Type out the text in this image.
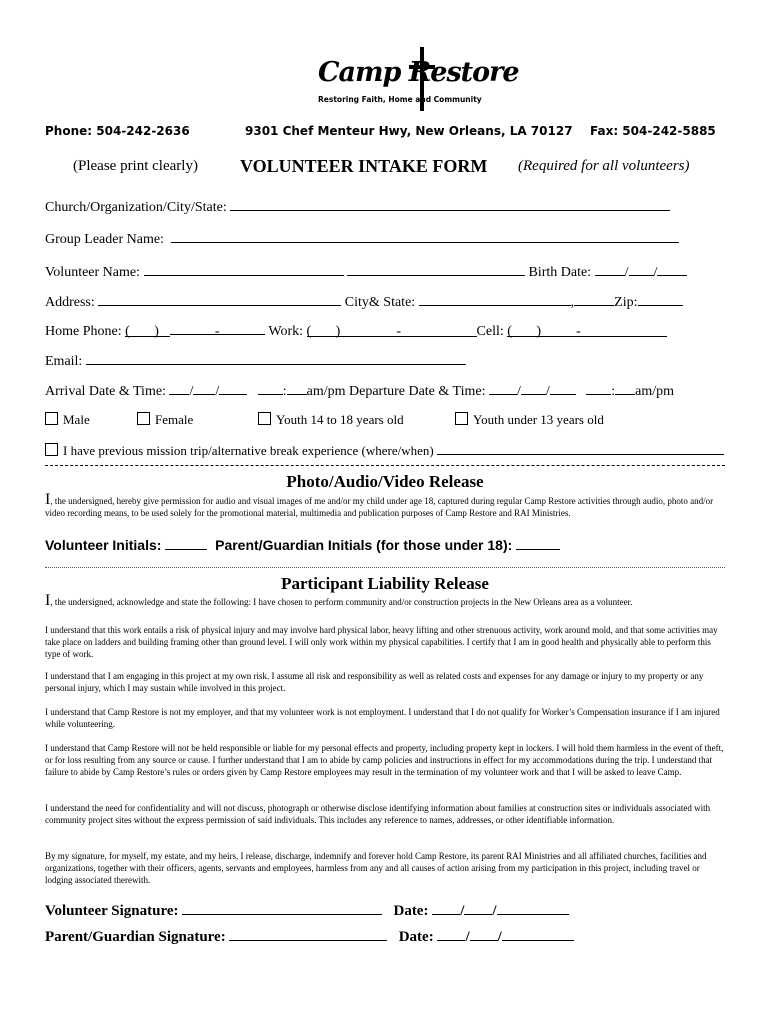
Camp Restore
Restoring Faith, Home and Community
Phone: 504-242-2636	9301 Chef Menteur Hwy, New Orleans, LA 70127 Fax: 504-242-5885
(Please print clearly) VOLUNTEER INTAKE FORM (Required for all volunteers)
Church/Organization/City/State:
Group Leader Name:
Volunteer Name:	Birth Date: / /
Address:	City& State:	,	Zip:
Home Phone: (       )                -	Work: (       )                -	Cell: (       )          -
Email:
Arrival Date & Time: / /	: am/pm Departure Date & Time: / /	: am/pm
Male	Female	Youth 14 to 18 years old	Youth under 13 years old
I have previous mission trip/alternative break experience (where/when)
Photo/Audio/Video Release
I, the undersigned, hereby give permission for audio and visual images of me and/or my child under age 18, captured during regular Camp Restore activities through audio, photo and/or video recording means, to be used solely for the promotional material, multimedia and publication purposes of Camp Restore and RAI Ministries.
Volunteer Initials:	Parent/Guardian Initials (for those under 18):
Participant Liability Release
I, the undersigned, acknowledge and state the following: I have chosen to perform community and/or construction projects in the New Orleans area as a volunteer.
I understand that this work entails a risk of physical injury and may involve hard physical labor, heavy lifting and other strenuous activity, work around mold, and that some activities may take place on ladders and building framing other than ground level. I will only work within my physical capabilities. I certify that I am in good health and physically able to perform this type of work.
I understand that I am engaging in this project at my own risk. I assume all risk and responsibility as well as related costs and expenses for any damage or injury to my property or any personal injury, which I may sustain while involved in this project.
I understand that Camp Restore is not my employer, and that my volunteer work is not employment. I understand that I do not qualify for Worker’s Compensation insurance if I am injured while volunteering.
I understand that Camp Restore will not be held responsible or liable for my personal effects and property, including property kept in lockers. I will hold them harmless in the event of theft, or for loss resulting from any source or cause. I further understand that I am to abide by camp policies and instructions in effect for my accommodations during the trip. I understand that failure to abide by Camp Restore’s rules or orders given by Camp Restore employees may result in the termination of my volunteer work and that I will be asked to leave Camp.
I understand the need for confidentiality and will not discuss, photograph or otherwise disclose identifying information about families at construction sites or individuals associated with community project sites without the express permission of said individuals. This includes any reference to names, addresses, or other identifiable information.
By my signature, for myself, my estate, and my heirs, I release, discharge, indemnify and forever hold Camp Restore, its parent RAI Ministries and all affiliated churches, facilities and organizations, together with their officers, agents, servants and employees, harmless from any and all causes of action arising from my participation in this project, including travel or lodging associated therewith.
Volunteer Signature:	Date: / /
Parent/Guardian Signature:	Date: / /
